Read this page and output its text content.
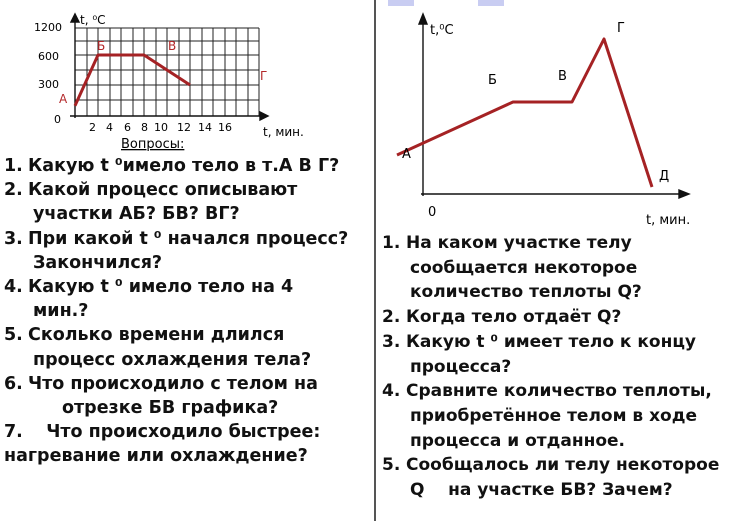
t, ⁰C
t, мин.
1200
600
300
0
2 4 6 8 10 12 14 16
А
Б	В
Г
Вопросы:
1. Какую t ⁰имело тело в т.А В Г?
2. Какой процесс описывают
участки АБ? БВ? ВГ?
3. При какой t ⁰ начался процесс?
Закончился?
4. Какую t ⁰ имело тело на 4
мин.?
5. Сколько времени длился
процесс охлаждения тела?
6. Что происходило с телом на
отрезке БВ графика?
7.   Что происходило быстрее:
нагревание или охлаждение?
t,⁰C
t, мин.
0
А
Б	В
Г
Д
1. На каком участке телу
сообщается некоторое
количество теплоты Q?
2. Когда тело отдаёт Q?
3. Какую t ⁰ имеет тело к концу
процесса?
4. Сравните количество теплоты,
приобретённое телом в ходе
процесса и отданное.
5. Сообщалось ли телу некоторое
Q    на участке БВ? Зачем?
